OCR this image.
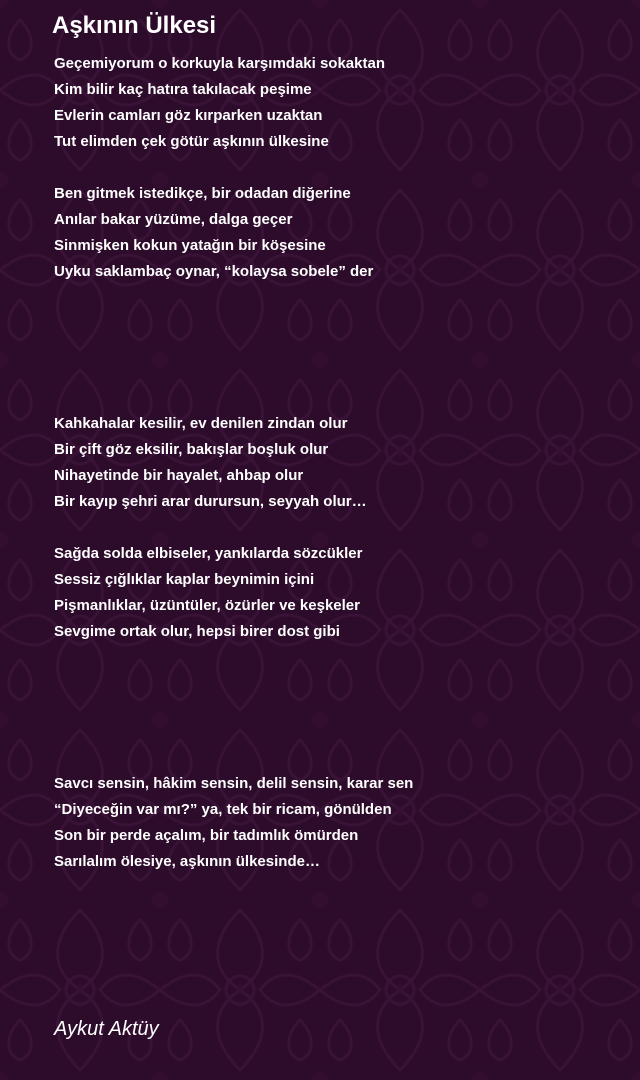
Aşkının Ülkesi
Geçemiyorum o korkuyla karşımdaki sokaktan
Kim bilir kaç hatıra takılacak peşime
Evlerin camları göz kırparken uzaktan
Tut elimden çek götür aşkının ülkesine
Ben gitmek istedikçe, bir odadan diğerine
Anılar bakar yüzüme, dalga geçer
Sinmişken kokun yatağın bir köşesine
Uyku saklambaç oynar, “kolaysa sobele” der
Kahkahalar kesilir, ev denilen zindan olur
Bir çift göz eksilir, bakışlar boşluk olur
Nihayetinde bir hayalet, ahbap olur
Bir kayıp şehri arar durursun, seyyah olur…
Sağda solda elbiseler, yankılarda sözcükler
Sessiz çığlıklar kaplar beynimin içini
Pişmanlıklar, üzüntüler, özürler ve keşkeler
Sevgime ortak olur, hepsi birer dost gibi
Savcı sensin, hâkim sensin, delil sensin, karar sen
“Diyeceğin var mı?” ya, tek bir ricam, gönülden
Son bir perde açalım, bir tadımlık ömürden
Sarılalım ölesiye, aşkının ülkesinde…
Aykut Aktüy
